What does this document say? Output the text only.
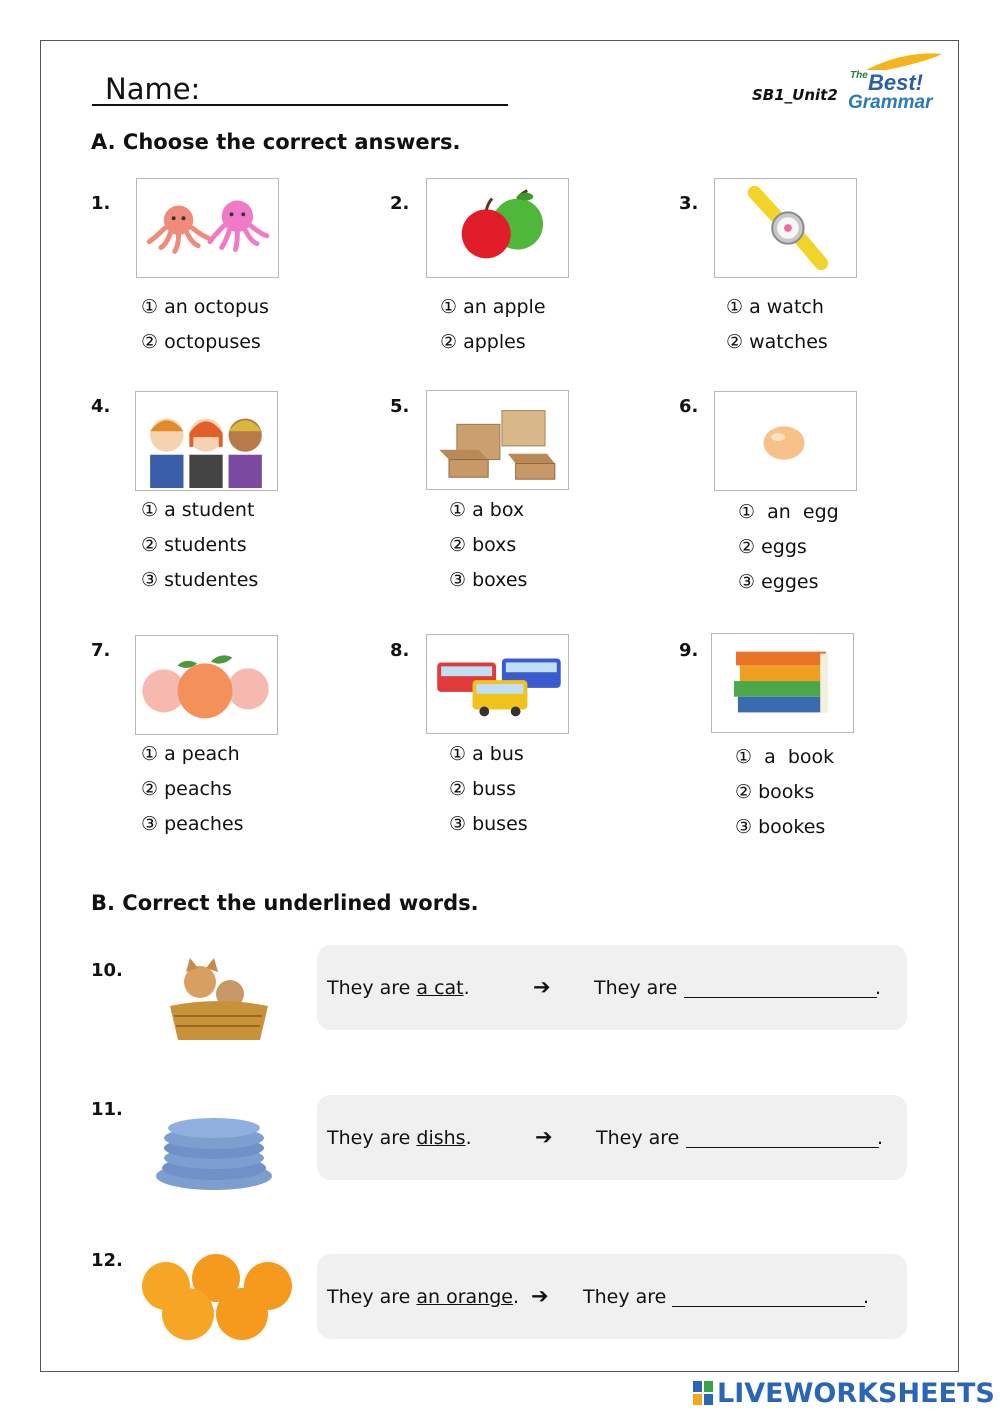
Name:	SB1_Unit2
The Best!
Grammar
A. Choose the correct answers.
1.
① an octopus
② octopuses
2.
① an apple
② apples
3.
① a watch
② watches
4.
① a student
② students
③ studentes
5.
① a box
② boxs
③ boxes
6.
①  an  egg
② eggs
③ egges
7.
① a peach
② peachs
③ peaches
8.
① a bus
② buss
③ buses
9.
①  a  book
② books
③ bookes
B. Correct the underlined words.
10.
They are a cat.	➔ They are	.
11.
They are dishs.	➔ They are	.
12.
They are an orange. ➔ They are	.
LIVEWORKSHEETS
